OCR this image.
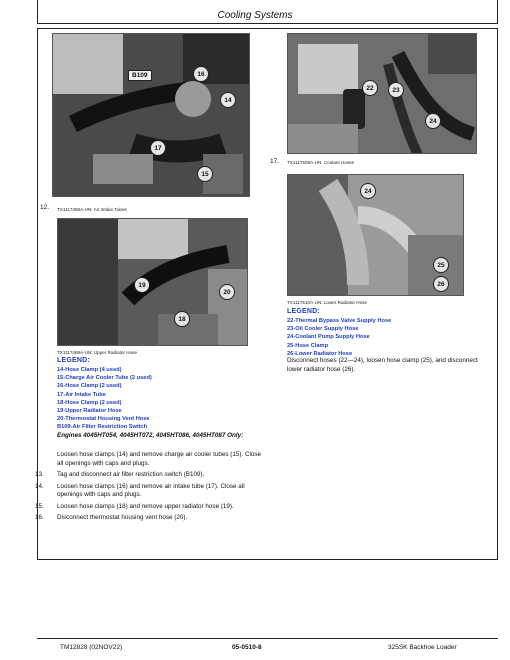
Cooling Systems
B109	16
14
17
15
12. TX1117468A-UN: Air Intake Tubes
22	23
24
17. TX1117509A-UN: Coolant Hoses
24
25
26
TX1117510A-UN: Lower Radiator Hose
LEGEND:
22-Thermal Bypass Valve Supply Hose
23-Oil Cooler Supply Hose
24-Coolant Pump Supply Hose
25-Hose Clamp
26-Lower Radiator Hose
Disconnect hoses (22—24), loosen hose clamp (25), and disconnect lower radiator hose (26).
19
20
18
TX1117469A-UN: Upper Radiator Hose
LEGEND:
14-Hose Clamp (4 used)
15-Charge Air Cooler Tube (2 used)
16-Hose Clamp (2 used)
17-Air Intake Tube
18-Hose Clamp (2 used)
19-Upper Radiator Hose
20-Thermostat Housing Vent Hose
B109-Air Filter Restriction Switch
Engines 4045HT054, 4045HT072, 4045HT086, 4045HT087 Only:
Loosen hose clamps (14) and remove charge air cooler tubes (15). Close all openings with caps and plugs.
13. Tag and disconnect air filter restriction switch (B109).
14. Loosen hose clamps (16) and remove air intake tube (17). Close all openings with caps and plugs.
15. Loosen hose clamps (18) and remove upper radiator hose (19).
16. Disconnect thermostat housing vent hose (20).
TM12828 (02NOV22)	05-0510-8	325SK Backhoe Loader
